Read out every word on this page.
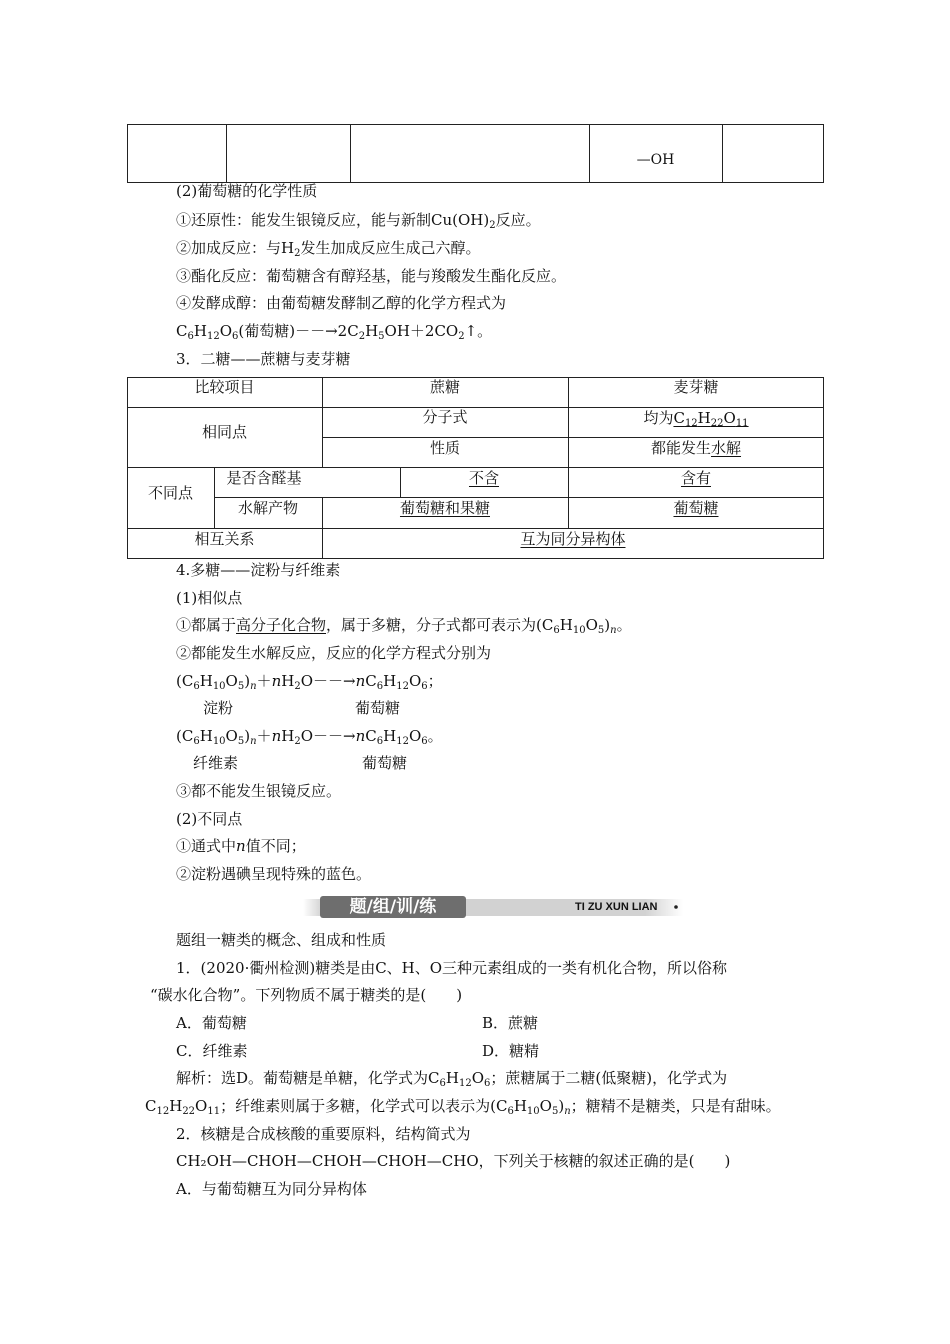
—OH
(2)葡萄糖的化学性质
①还原性：能发生银镜反应，能与新制$Cu(OH)_2$反应。
②加成反应：与$H_2$发生加成反应生成己六醇。
③酯化反应：葡萄糖含有醇羟基，能与羧酸发生酯化反应。
④发酵成醇：由葡萄糖发酵制乙醇的化学方程式为
$C_6H_{12}O_6$(葡萄糖)$--\to 2C_2H_5OH+2CO_2↑$。
3．二糖——蔗糖与麦芽糖
比较项目	蔗糖	麦芽糖
相同点
分子式	均为$C_{12}H_{22}O_{11}$
性质	都能发生水解
不同点
是否含醛基	不含	含有
水解产物	葡萄糖和果糖	葡萄糖
相互关系	互为同分异构体
4.多糖——淀粉与纤维素
(1)相似点
①都属于高分子化合物，属于多糖，分子式都可表示为$(C_6H_{10}O_5)_n$。
②都能发生水解反应，反应的化学方程式分别为
$(C_6H_{10}O_5)_n+nH_2O--\to nC_6H_{12}O_6$；
淀粉	葡萄糖
$(C_6H_{10}O_5)_n+nH_2O--\to nC_6H_{12}O_6$。
纤维素	葡萄糖
③都不能发生银镜反应。
(2)不同点
①通式中n值不同；
②淀粉遇碘呈现特殊的蓝色。
题/组/训/练	TI ZU XUN LIAN
题组一糖类的概念、组成和性质
1．(2020·衢州检测)糖类是由C、H、O三种元素组成的一类有机化合物，所以俗称
“碳水化合物”。下列物质不属于糖类的是(　　)
A．葡萄糖	B．蔗糖
C．纤维素	D．糖精
解析：选D。葡萄糖是单糖，化学式为$C_6H_{12}O_6$；蔗糖属于二糖(低聚糖)，化学式为
$C_{12}H_{22}O_{11}$；纤维素则属于多糖，化学式可以表示为$(C_6H_{10}O_5)_n$；糖精不是糖类，只是有甜味。
2．核糖是合成核酸的重要原料，结构简式为
CH₂OH—CHOH—CHOH—CHOH—CHO，下列关于核糖的叙述正确的是(　　)
A．与葡萄糖互为同分异构体
